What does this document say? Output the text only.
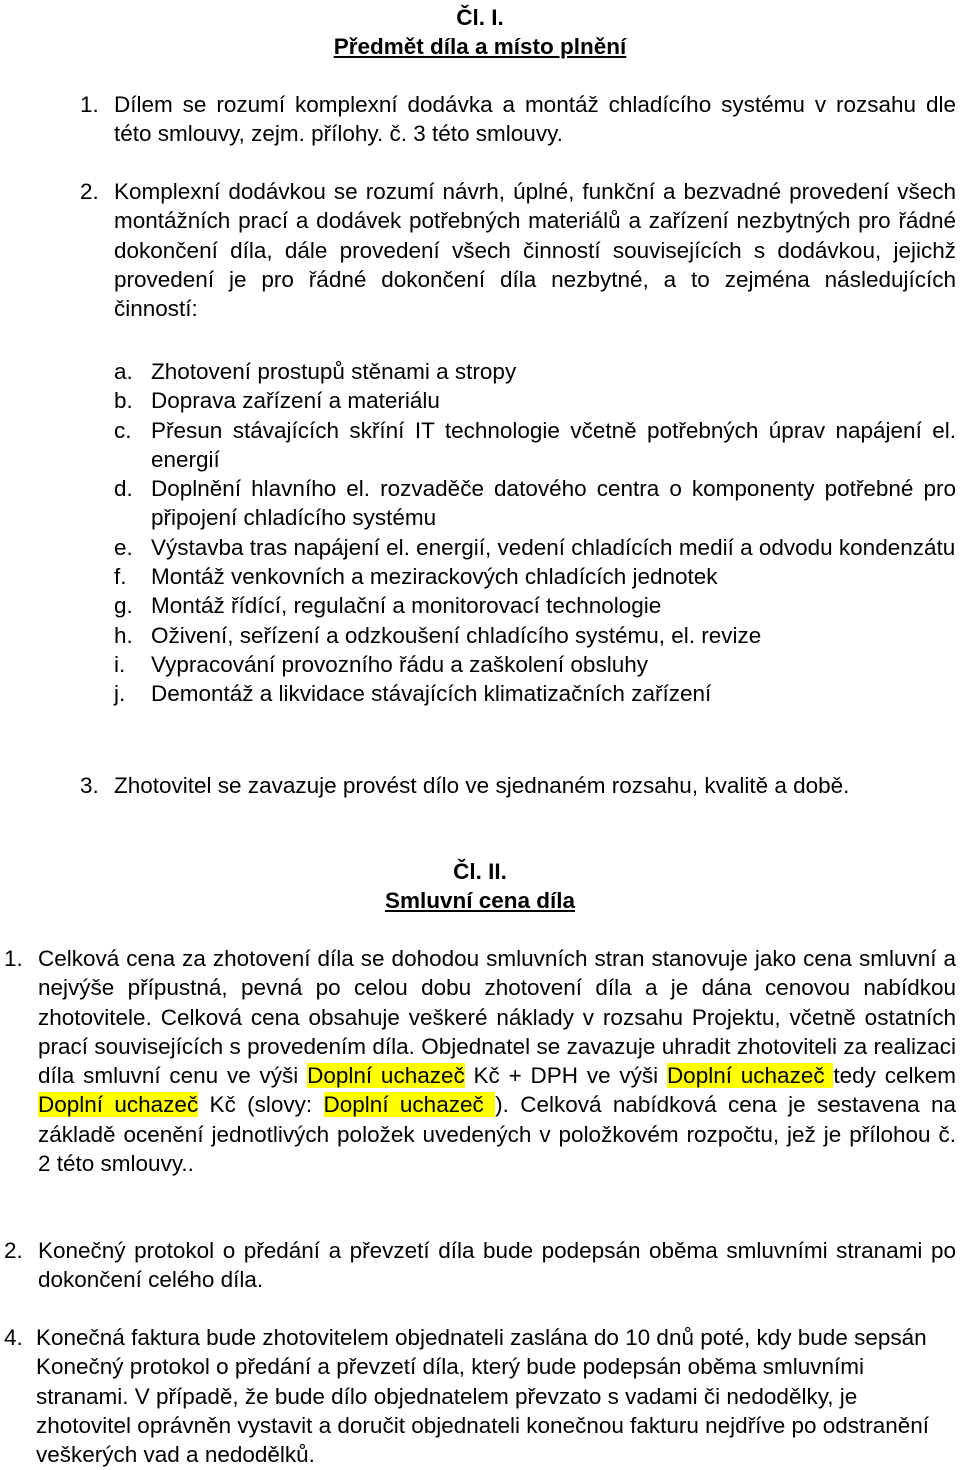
Čl. I.

Předmět díla a místo plnění

1. Dílem se rozumí komplexní dodávka a montáž chladícího systému v rozsahu dle této smlouvy, zejm. přílohy. č. 3 této smlouvy.
2. Komplexní dodávkou se rozumí návrh, úplné, funkční a bezvadné provedení všech montážních prací a dodávek potřebných materiálů a zařízení nezbytných pro řádné dokončení díla, dále provedení všech činností souvisejících s dodávkou, jejichž provedení je pro řádné dokončení díla nezbytné, a to zejména následujících činností:
a. Zhotovení prostupů stěnami a stropy
b. Doprava zařízení a materiálu
c. Přesun stávajících skříní IT technologie včetně potřebných úprav napájení el. energií
d. Doplnění hlavního el. rozvaděče datového centra o komponenty potřebné pro připojení chladícího systému
e. Výstavba tras napájení el. energií, vedení chladících medií a odvodu kondenzátu
f.	Montáž venkovních a mezirackových chladících jednotek
g. Montáž řídící, regulační a monitorovací technologie
h. Oživení, seřízení a odzkoušení chladícího systému, el. revize
i.	Vypracování provozního řádu a zaškolení obsluhy
j.	Demontáž a likvidace stávajících klimatizačních zařízení
3. Zhotovitel se zavazuje provést dílo ve sjednaném rozsahu, kvalitě a době.

Čl. II.

Smluvní cena díla

1. Celková cena za zhotovení díla se dohodou smluvních stran stanovuje jako cena smluvní a nejvýše přípustná, pevná po celou dobu zhotovení díla a je dána cenovou nabídkou zhotovitele. Celková cena obsahuje veškeré náklady v rozsahu Projektu, včetně ostatních prací souvisejících s provedením díla. Objednatel se zavazuje uhradit zhotoviteli za realizaci díla smluvní cenu ve výši Doplní uchazeč Kč + DPH ve výši Doplní uchazeč tedy celkem Doplní uchazeč Kč (slovy: Doplní uchazeč ). Celková nabídková cena je sestavena na základě ocenění jednotlivých položek uvedených v položkovém rozpočtu, jež je přílohou č. 2 této smlouvy..
2. Konečný protokol o předání a převzetí díla bude podepsán oběma smluvními stranami po dokončení celého díla.
4. Konečná faktura bude zhotovitelem objednateli zaslána do 10 dnů poté, kdy bude sepsán Konečný protokol o předání a převzetí díla, který bude podepsán oběma smluvními stranami. V případě, že bude dílo objednatelem převzato s vadami či nedodělky, je zhotovitel oprávněn vystavit a doručit objednateli konečnou fakturu nejdříve po odstranění veškerých vad a nedodělků.
